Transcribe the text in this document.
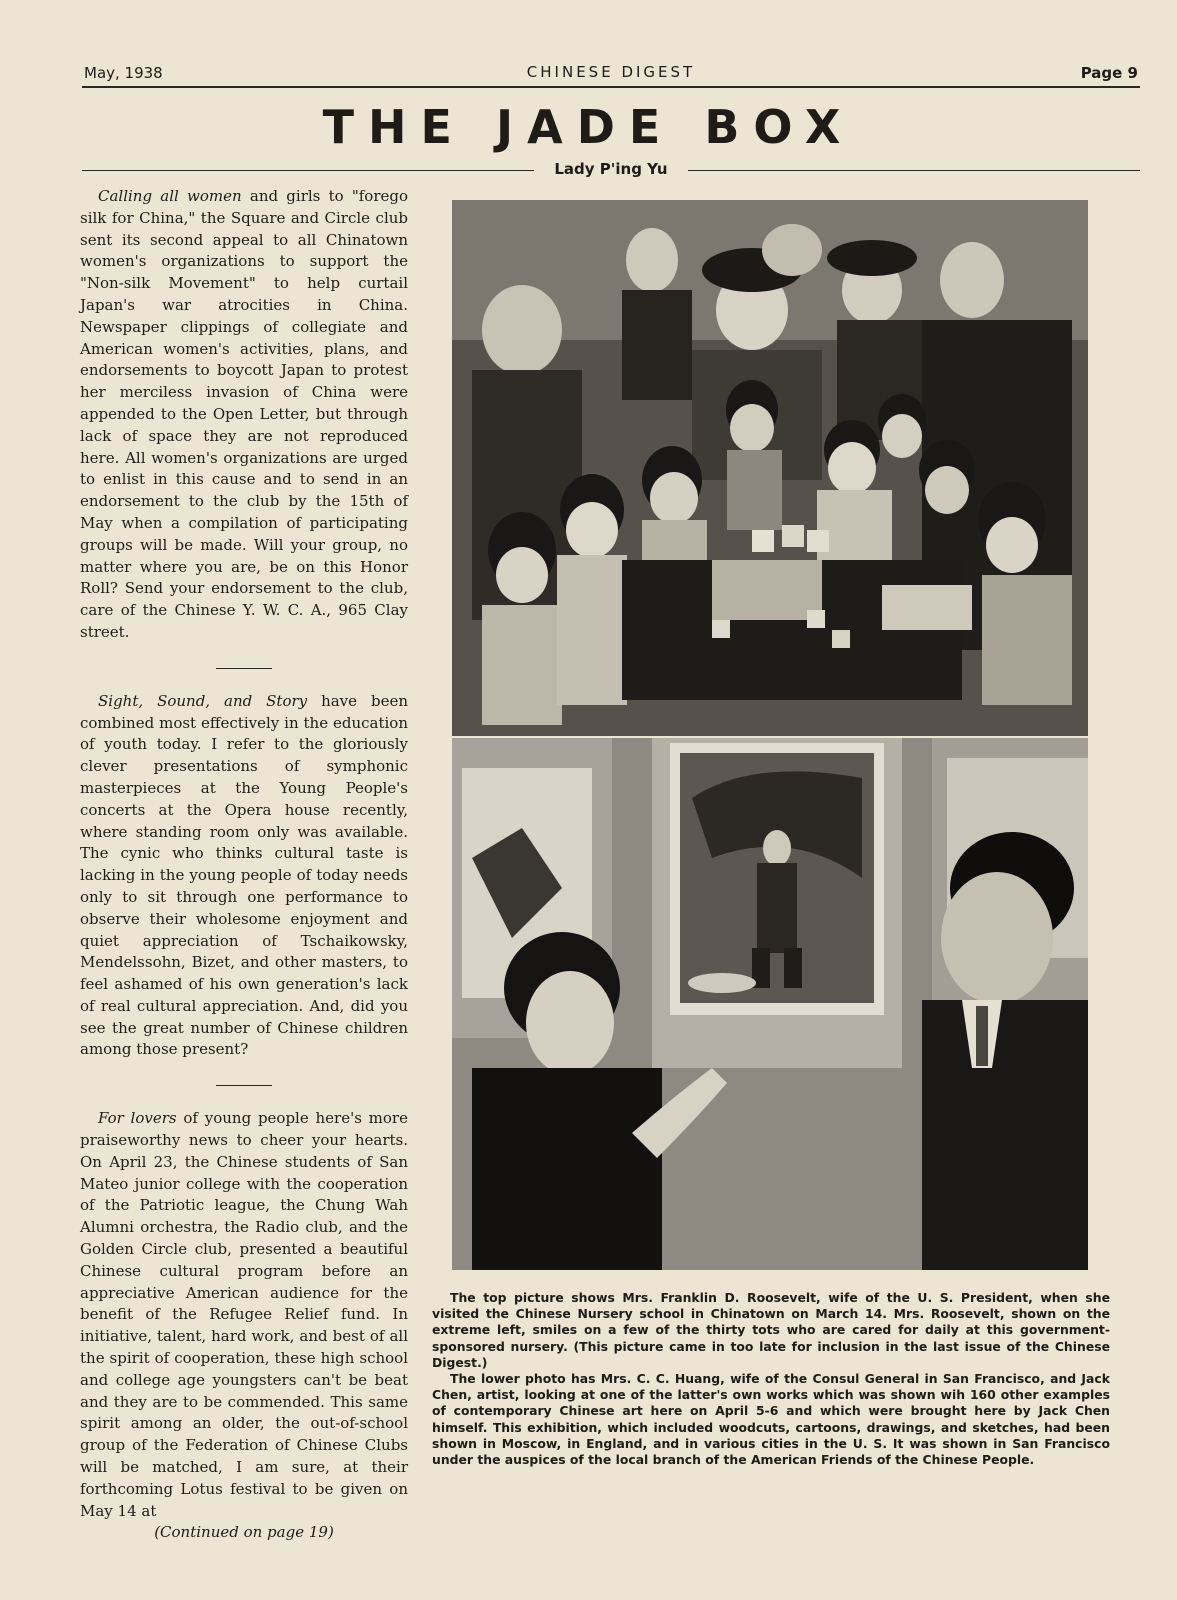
May, 1938	CHINESE DIGEST	Page 9
THE JADE BOX
Lady P'ing Yu

Calling all women and girls to "forego silk for China," the Square and Circle club sent its second appeal to all Chinatown women's organizations to support the "Non-silk Movement" to help curtail Japan's war atrocities in China. Newspaper clippings of collegiate and American women's activities, plans, and endorsements to boycott Japan to protest her merciless invasion of China were appended to the Open Letter, but through lack of space they are not reproduced here. All women's organizations are urged to enlist in this cause and to send in an endorsement to the club by the 15th of May when a compilation of participating groups will be made. Will your group, no matter where you are, be on this Honor Roll? Send your endorsement to the club, care of the Chinese Y. W. C. A., 965 Clay street.

Sight, Sound, and Story have been combined most effectively in the education of youth today. I refer to the gloriously clever presentations of symphonic masterpieces at the Young People's concerts at the Opera house recently, where standing room only was available. The cynic who thinks cultural taste is lacking in the young people of today needs only to sit through one performance to observe their wholesome enjoyment and quiet appreciation of Tschaikowsky, Mendelssohn, Bizet, and other masters, to feel ashamed of his own generation's lack of real cultural appreciation. And, did you see the great number of Chinese children among those present?

For lovers of young people here's more praiseworthy news to cheer your hearts. On April 23, the Chinese students of San Mateo junior college with the cooperation of the Patriotic league, the Chung Wah Alumni orchestra, the Radio club, and the Golden Circle club, presented a beautiful Chinese cultural program before an appreciative American audience for the benefit of the Refugee Relief fund. In initiative, talent, hard work, and best of all the spirit of cooperation, these high school and college age youngsters can't be beat and they are to be commended. This same spirit among an older, the out-of-school group of the Federation of Chinese Clubs will be matched, I am sure, at their forthcoming Lotus festival to be given on May 14 at

(Continued on page 19)

The top picture shows Mrs. Franklin D. Roosevelt, wife of the U. S. President, when she visited the Chinese Nursery school in Chinatown on March 14. Mrs. Roosevelt, shown on the extreme left, smiles on a few of the thirty tots who are cared for daily at this government-sponsored nursery. (This picture came in too late for inclusion in the last issue of the Chinese Digest.)

The lower photo has Mrs. C. C. Huang, wife of the Consul General in San Francisco, and Jack Chen, artist, looking at one of the latter's own works which was shown wih 160 other examples of contemporary Chinese art here on April 5-6 and which were brought here by Jack Chen himself. This exhibition, which included woodcuts, cartoons, drawings, and sketches, had been shown in Moscow, in England, and in various cities in the U. S. It was shown in San Francisco under the auspices of the local branch of the American Friends of the Chinese People.
